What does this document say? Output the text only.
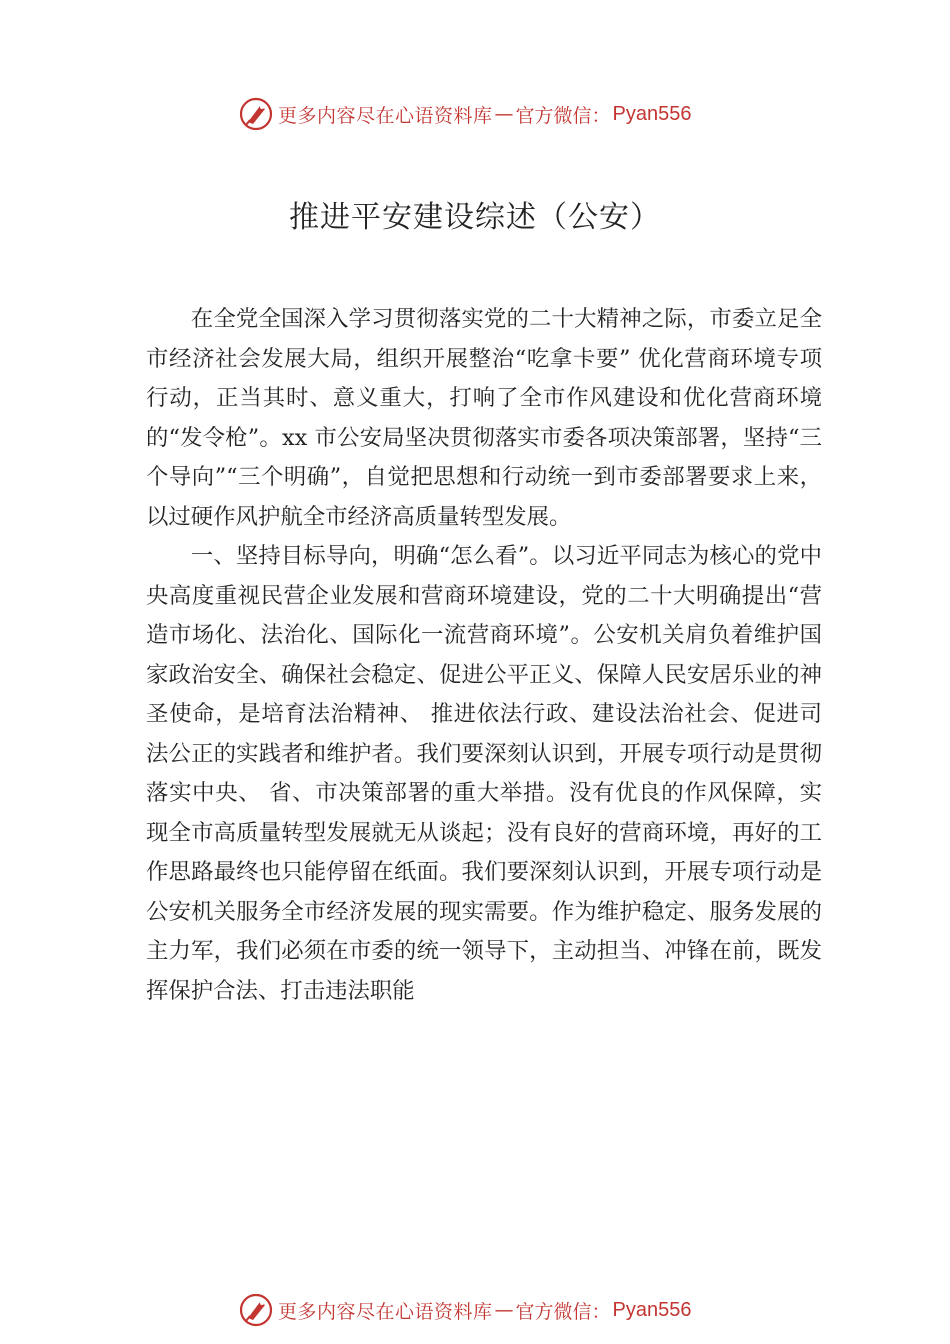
更多内容尽在心语资料库 — 官方微信： Pyan556
推进平安建设综述（公安）

在全党全国深入学习贯彻落实党的二十大精神之际，市委立足全市经济社会发展大局，组织开展整治“吃拿卡要” 优化营商环境专项行动，正当其时、意义重大，打响了全市作风建设和优化营商环境的“发令枪”。xx 市公安局坚决贯彻落实市委各项决策部署，坚持“三个导向”“三个明确”，自觉把思想和行动统一到市委部署要求上来，以过硬作风护航全市经济高质量转型发展。

一、坚持目标导向，明确“怎么看”。以习近平同志为核心的党中央高度重视民营企业发展和营商环境建设，党的二十大明确提出“营造市场化、法治化、国际化一流营商环境”。公安机关肩负着维护国家政治安全、确保社会稳定、促进公平正义、保障人民安居乐业的神圣使命，是培育法治精神、 推进依法行政、建设法治社会、促进司法公正的实践者和维护者。我们要深刻认识到，开展专项行动是贯彻落实中央、 省、市决策部署的重大举措。没有优良的作风保障，实现全市高质量转型发展就无从谈起；没有良好的营商环境，再好的工作思路最终也只能停留在纸面。我们要深刻认识到，开展专项行动是公安机关服务全市经济发展的现实需要。作为维护稳定、服务发展的主力军，我们必须在市委的统一领导下，主动担当、冲锋在前，既发挥保护合法、打击违法职能

更多内容尽在心语资料库 — 官方微信： Pyan556
